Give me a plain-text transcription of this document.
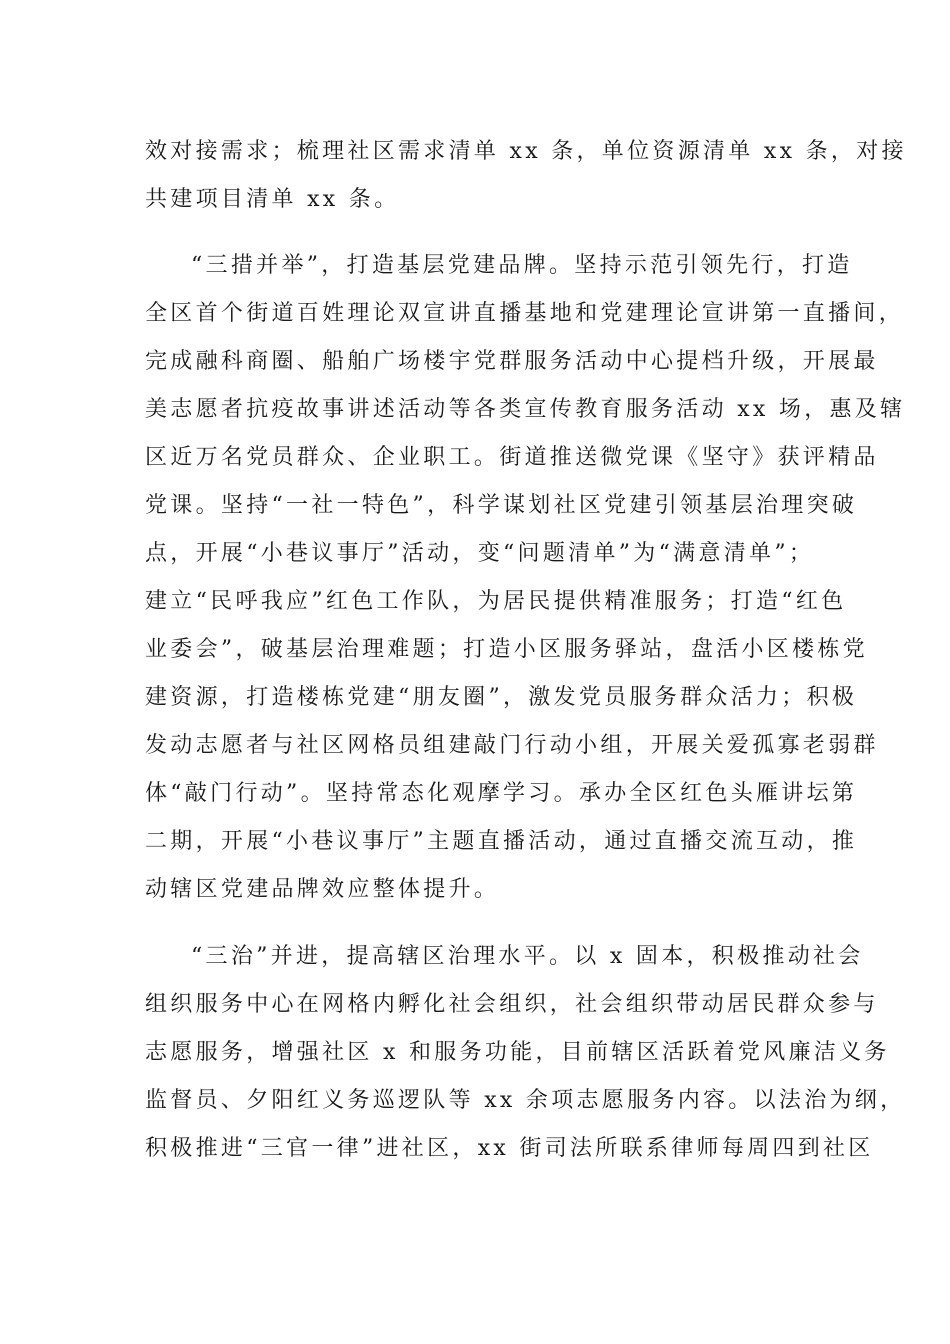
效对接需求；梳理社区需求清单 xx 条，单位资源清单 xx 条，对接
共建项目清单 xx 条。
“三措并举”，打造基层党建品牌。坚持示范引领先行，打造
全区首个街道百姓理论双宣讲直播基地和党建理论宣讲第一直播间，
完成融科商圈、船舶广场楼宇党群服务活动中心提档升级，开展最
美志愿者抗疫故事讲述活动等各类宣传教育服务活动 xx 场，惠及辖
区近万名党员群众、企业职工。街道推送微党课《坚守》获评精品
党课。坚持“一社一特色”，科学谋划社区党建引领基层治理突破
点，开展“小巷议事厅”活动，变“问题清单”为“满意清单”；
建立“民呼我应”红色工作队，为居民提供精准服务；打造“红色
业委会”，破基层治理难题；打造小区服务驿站，盘活小区楼栋党
建资源，打造楼栋党建“朋友圈”，激发党员服务群众活力；积极
发动志愿者与社区网格员组建敲门行动小组，开展关爱孤寡老弱群
体“敲门行动”。坚持常态化观摩学习。承办全区红色头雁讲坛第
二期，开展“小巷议事厅”主题直播活动，通过直播交流互动，推
动辖区党建品牌效应整体提升。
“三治”并进，提高辖区治理水平。以 x 固本，积极推动社会
组织服务中心在网格内孵化社会组织，社会组织带动居民群众参与
志愿服务，增强社区 x 和服务功能，目前辖区活跃着党风廉洁义务
监督员、夕阳红义务巡逻队等 xx 余项志愿服务内容。以法治为纲，
积极推进“三官一律”进社区，xx 街司法所联系律师每周四到社区
